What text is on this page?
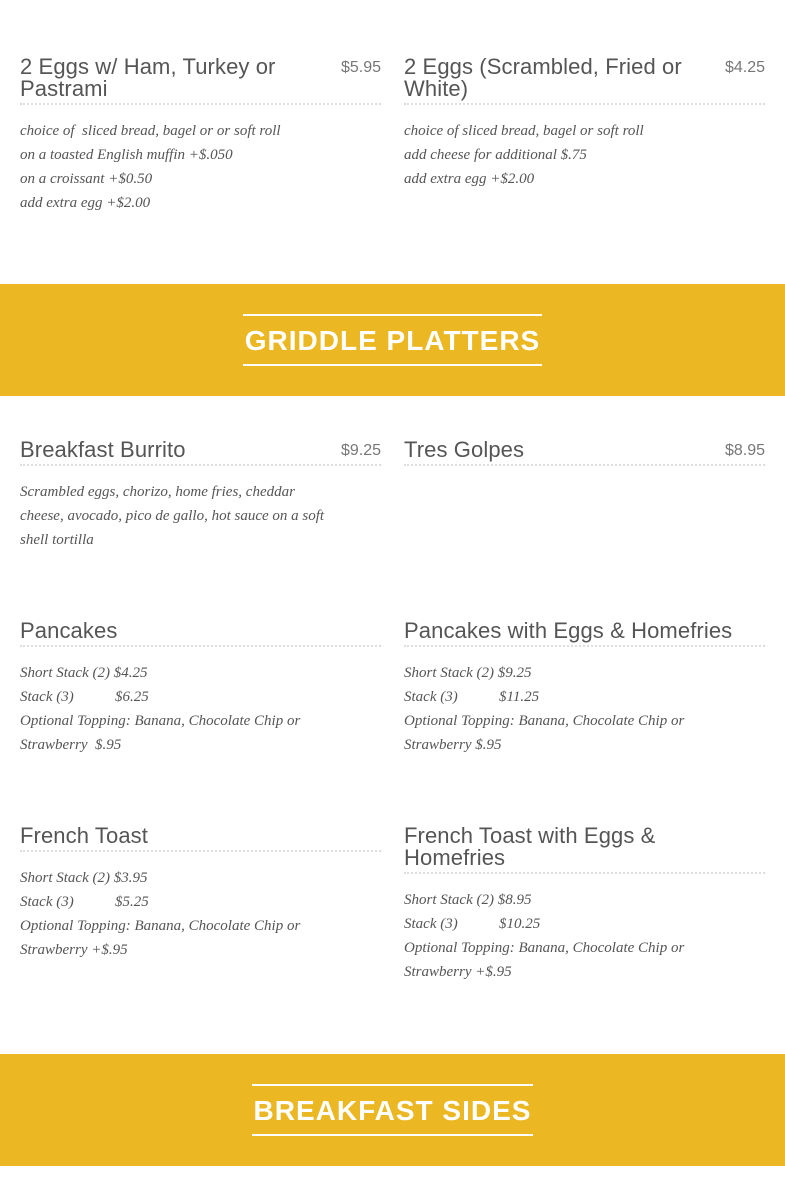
2 Eggs w/ Ham, Turkey or Pastrami
$5.95
choice of  sliced bread, bagel or or soft roll
on a toasted English muffin +$.050
on a croissant +$0.50
add extra egg +$2.00
2 Eggs (Scrambled, Fried or White)
$4.25
choice of sliced bread, bagel or soft roll
add cheese for additional $.75
add extra egg +$2.00
GRIDDLE PLATTERS
Breakfast Burrito	$9.25
Scrambled eggs, chorizo, home fries, cheddar
cheese, avocado, pico de gallo, hot sauce on a soft
shell tortilla
Tres Golpes	$8.95
Pancakes
Short Stack (2) $4.25
Stack (3)           $6.25
Optional Topping: Banana, Chocolate Chip or
Strawberry  $.95
Pancakes with Eggs & Homefries
Short Stack (2) $9.25
Stack (3)           $11.25
Optional Topping: Banana, Chocolate Chip or
Strawberry $.95
French Toast
Short Stack (2) $3.95
Stack (3)           $5.25
Optional Topping: Banana, Chocolate Chip or
Strawberry +$.95
French Toast with Eggs & Homefries
Short Stack (2) $8.95
Stack (3)           $10.25
Optional Topping: Banana, Chocolate Chip or
Strawberry +$.95
BREAKFAST SIDES
